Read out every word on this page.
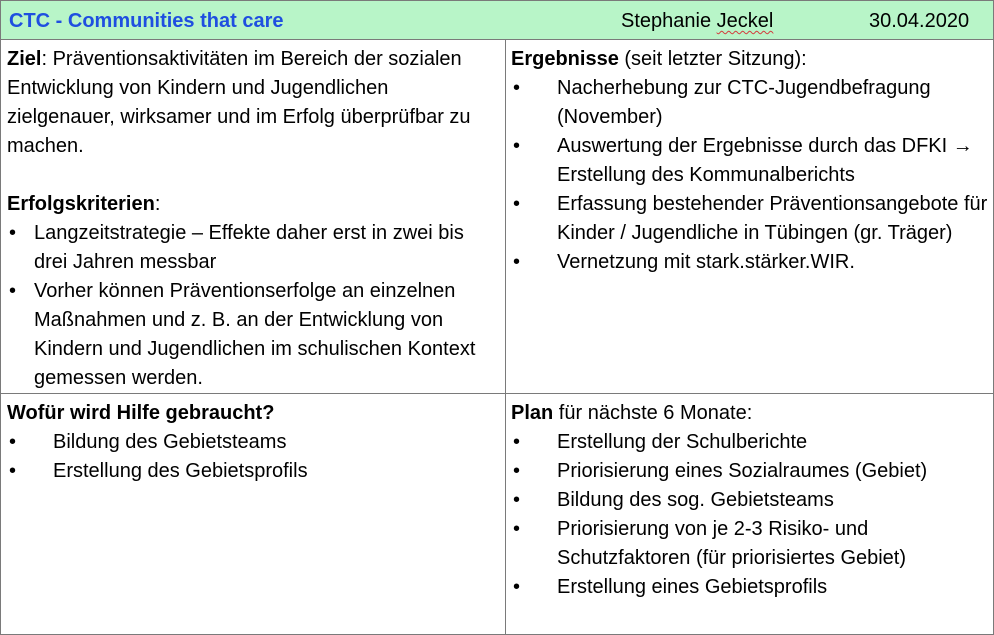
CTC - Communities that care	Stephanie Jeckel	30.04.2020

Ziel: Präventionsaktivitäten im Bereich der sozialen Entwicklung von Kindern und Jugendlichen zielgenauer, wirksamer und im Erfolg überprüfbar zu machen.

Erfolgskriterien:

• Langzeitstrategie – Effekte daher erst in zwei bis drei Jahren messbar
• Vorher können Präventionserfolge an einzelnen Maßnahmen und z. B. an der Entwicklung von Kindern und Jugendlichen im schulischen Kontext gemessen werden.

Ergebnisse (seit letzter Sitzung):

• Nacherhebung zur CTC-Jugendbefragung (November)
• Auswertung der Ergebnisse durch das DFKI → Erstellung des Kommunalberichts
• Erfassung bestehender Präventionsangebote für Kinder / Jugendliche in Tübingen (gr. Träger)
• Vernetzung mit stark.stärker.WIR.

Wofür wird Hilfe gebraucht?

• Bildung des Gebietsteams
• Erstellung des Gebietsprofils

Plan für nächste 6 Monate:

• Erstellung der Schulberichte
• Priorisierung eines Sozialraumes (Gebiet)
• Bildung des sog. Gebietsteams
• Priorisierung von je 2-3 Risiko- und Schutzfaktoren (für priorisiertes Gebiet)
• Erstellung eines Gebietsprofils
